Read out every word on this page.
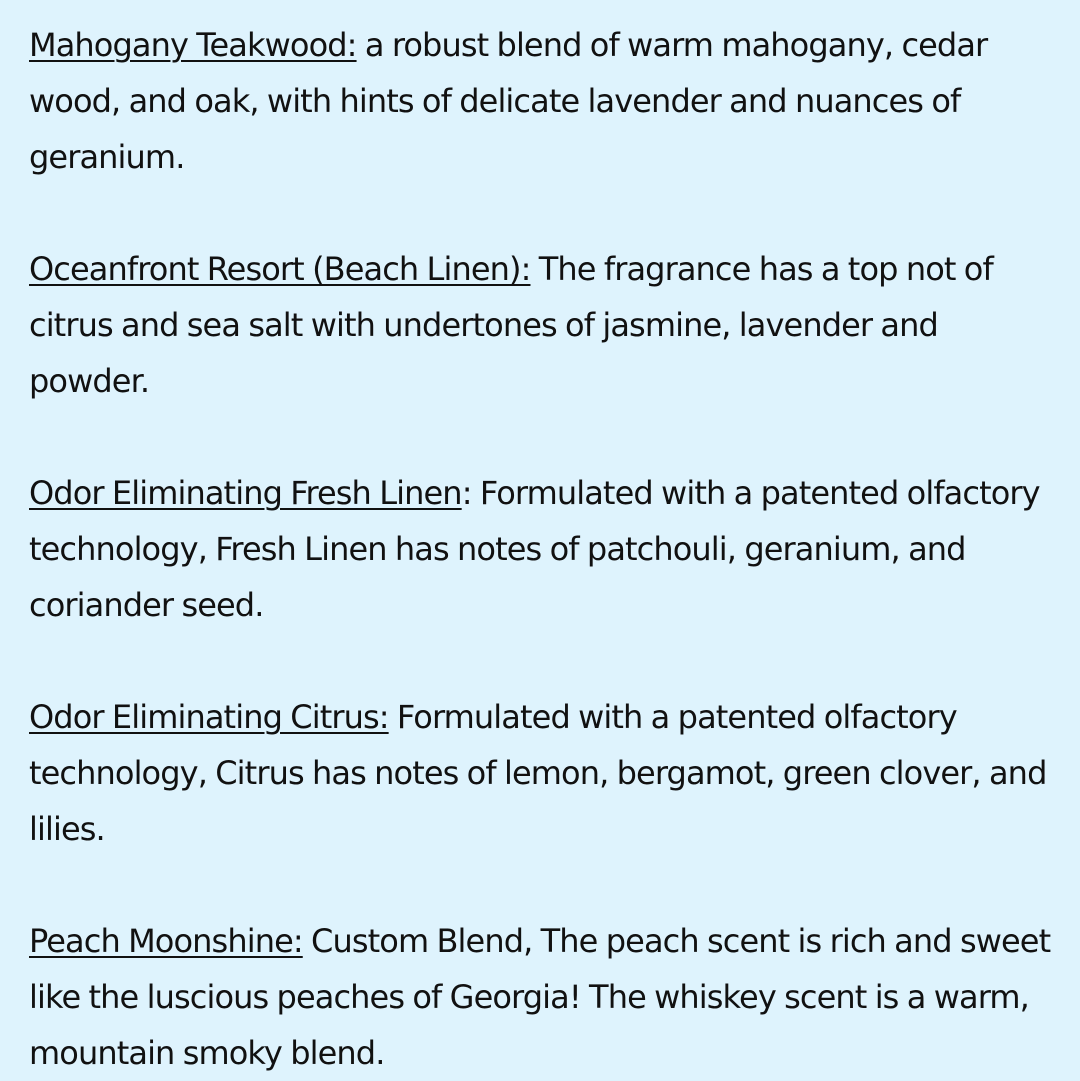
Mahogany Teakwood: a robust blend of warm mahogany, cedar wood, and oak, with hints of delicate lavender and nuances of geranium.

Oceanfront Resort (Beach Linen): The fragrance has a top not of citrus and sea salt with undertones of jasmine, lavender and powder.

Odor Eliminating Fresh Linen: Formulated with a patented olfactory technology, Fresh Linen has notes of patchouli, geranium, and coriander seed.

Odor Eliminating Citrus: Formulated with a patented olfactory technology, Citrus has notes of lemon, bergamot, green clover, and lilies.

Peach Moonshine: Custom Blend, The peach scent is rich and sweet like the luscious peaches of Georgia! The whiskey scent is a warm, mountain smoky blend.
